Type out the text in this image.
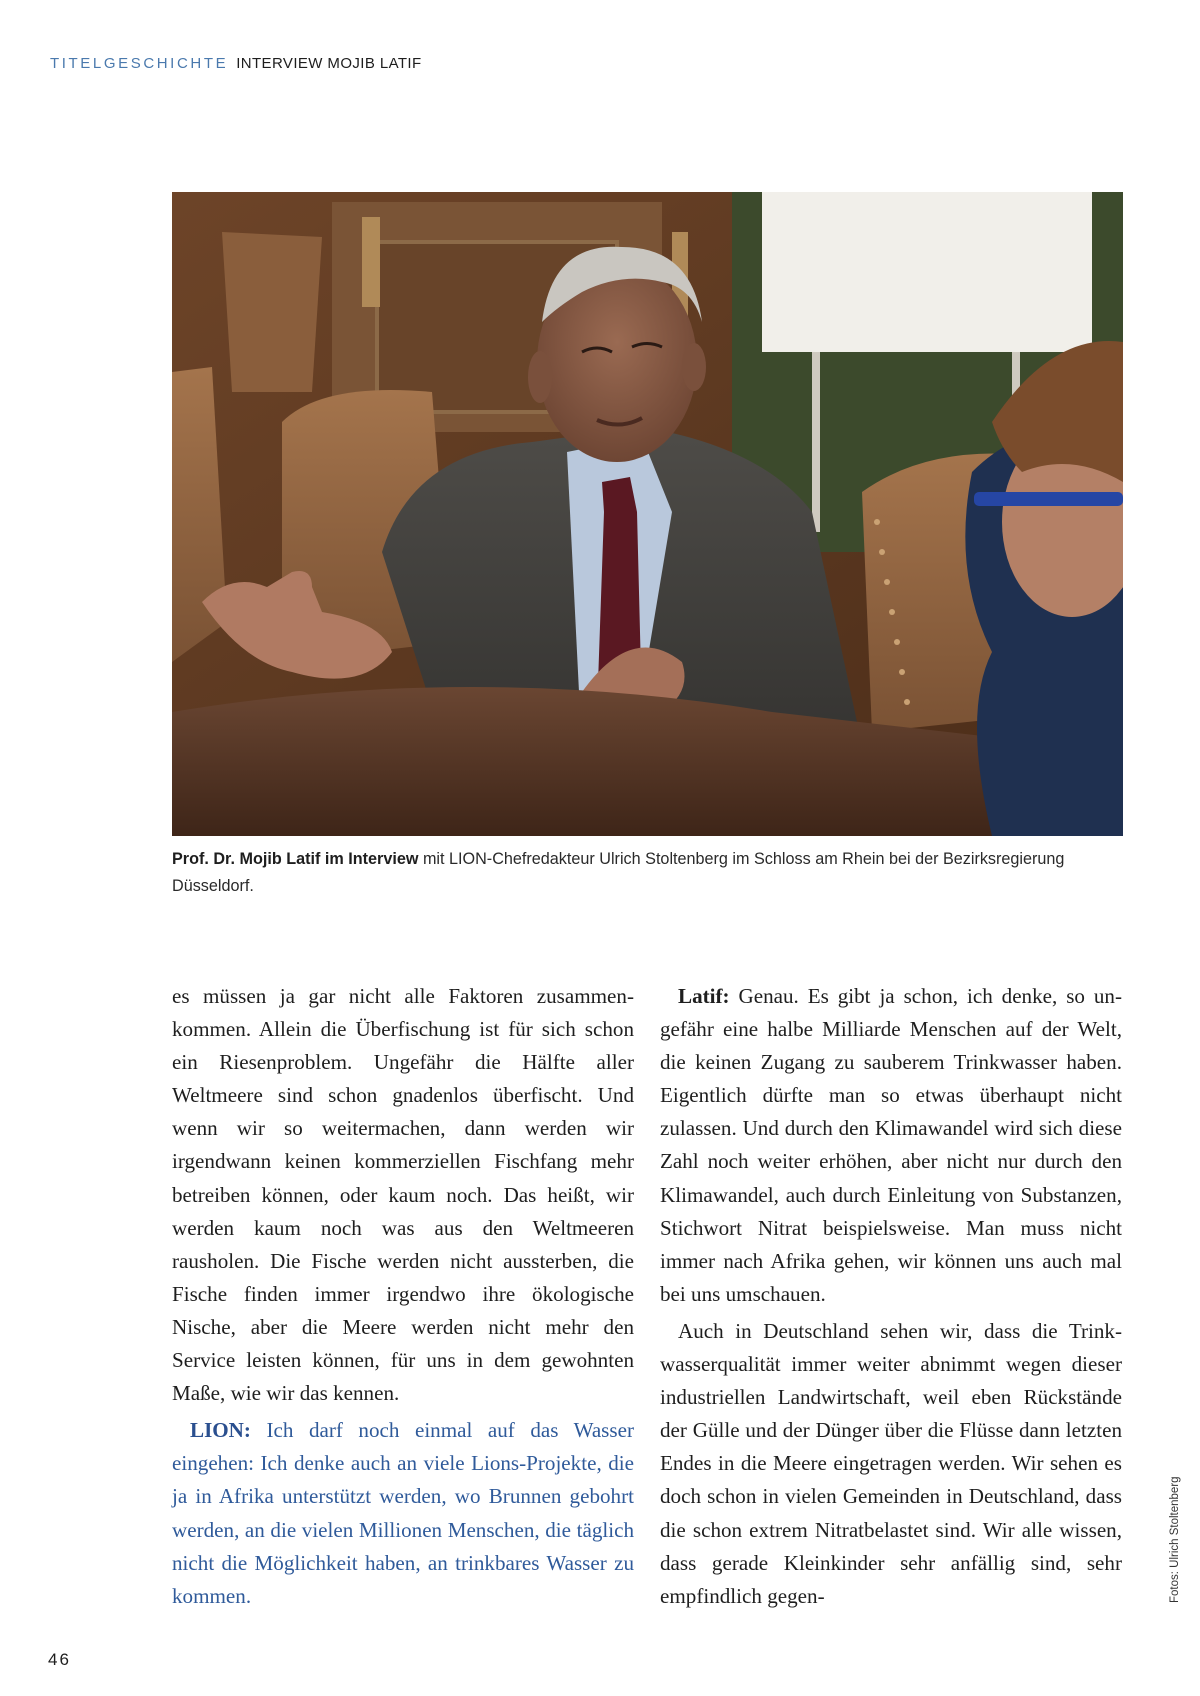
TITELGESCHICHTE INTERVIEW MOJIB LATIF

Prof. Dr. Mojib Latif im Interview mit LION-Chefredakteur Ulrich Stoltenberg im Schloss am Rhein bei der Bezirksregierung Düsseldorf.

es müssen ja gar nicht alle Faktoren zusammenkommen. Allein die Überfischung ist für sich schon ein Riesenproblem. Ungefähr die Hälfte aller Weltmeere sind schon gnadenlos überfischt. Und wenn wir so weitermachen, dann werden wir irgendwann keinen kommerziellen Fischfang mehr betreiben können, oder kaum noch. Das heißt, wir werden kaum noch was aus den Weltmeeren rausholen. Die Fische werden nicht aussterben, die Fische finden immer irgendwo ihre ökologische Nische, aber die Meere werden nicht mehr den Service leisten können, für uns in dem gewohnten Maße, wie wir das kennen.

LION: Ich darf noch einmal auf das Wasser eingehen: Ich denke auch an viele Lions-Projekte, die ja in Afrika unterstützt werden, wo Brunnen gebohrt werden, an die vielen Millionen Menschen, die täglich nicht die Möglichkeit haben, an trinkbares Wasser zu kommen.

Latif: Genau. Es gibt ja schon, ich denke, so ungefähr eine halbe Milliarde Menschen auf der Welt, die keinen Zugang zu sauberem Trinkwasser haben. Eigentlich dürfte man so etwas überhaupt nicht zulassen. Und durch den Klimawandel wird sich diese Zahl noch weiter erhöhen, aber nicht nur durch den Klimawandel, auch durch Einleitung von Substanzen, Stichwort Nitrat beispielsweise. Man muss nicht immer nach Afrika gehen, wir können uns auch mal bei uns umschauen.

Auch in Deutschland sehen wir, dass die Trinkwasserqualität immer weiter abnimmt wegen dieser industriellen Landwirtschaft, weil eben Rückstände der Gülle und der Dünger über die Flüsse dann letzten Endes in die Meere eingetragen werden. Wir sehen es doch schon in vielen Gemeinden in Deutschland, dass die schon extrem Nitratbelastet sind. Wir alle wissen, dass gerade Kleinkinder sehr anfällig sind, sehr empfindlich gegen-	Fotos: Ulrich Stoltenberg
46
